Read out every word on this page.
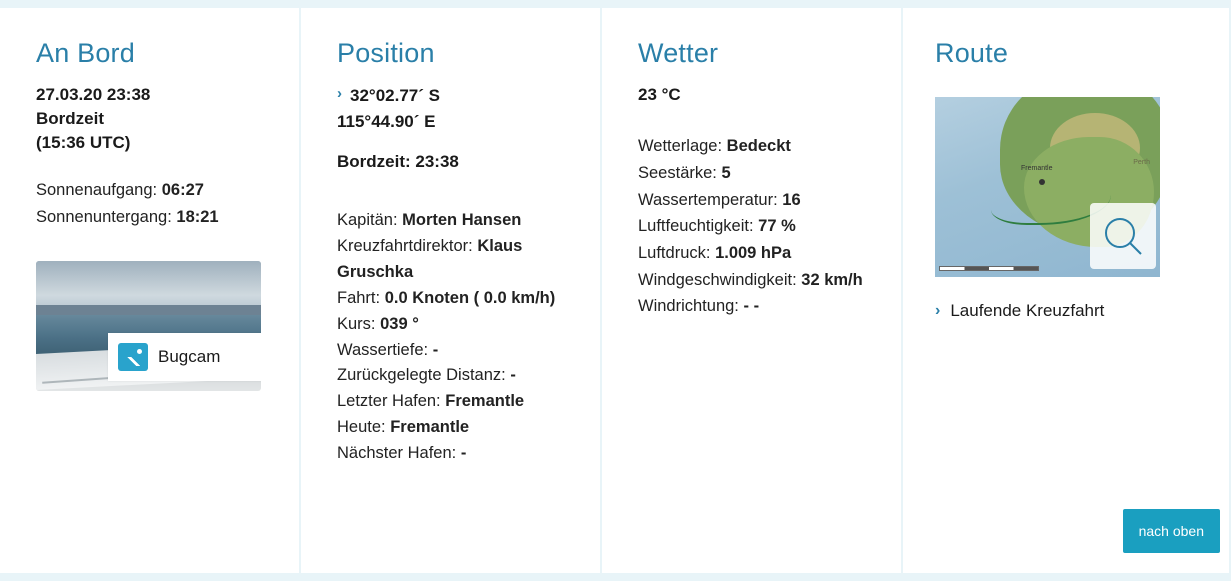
An Bord
27.03.20 23:38
Bordzeit
(15:36 UTC)
Sonnenaufgang: 06:27
Sonnenuntergang: 18:21
Bugcam
Position
› 32°02.77´ S
115°44.90´ E
Bordzeit: 23:38
Kapitän: Morten Hansen
Kreuzfahrtdirektor: Klaus Gruschka
Fahrt: 0.0 Knoten ( 0.0 km/h)
Kurs: 039 °
Wassertiefe: -
Zurückgelegte Distanz: -
Letzter Hafen: Fremantle
Heute: Fremantle
Nächster Hafen: -
Wetter
23 °C
Wetterlage: Bedeckt
Seestärke: 5
Wassertemperatur: 16
Luftfeuchtigkeit: 77 %
Luftdruck: 1.009 hPa
Windgeschwindigkeit: 32 km/h
Windrichtung: - -
Route
Fremantle
Perth
› Laufende Kreuzfahrt
nach oben
